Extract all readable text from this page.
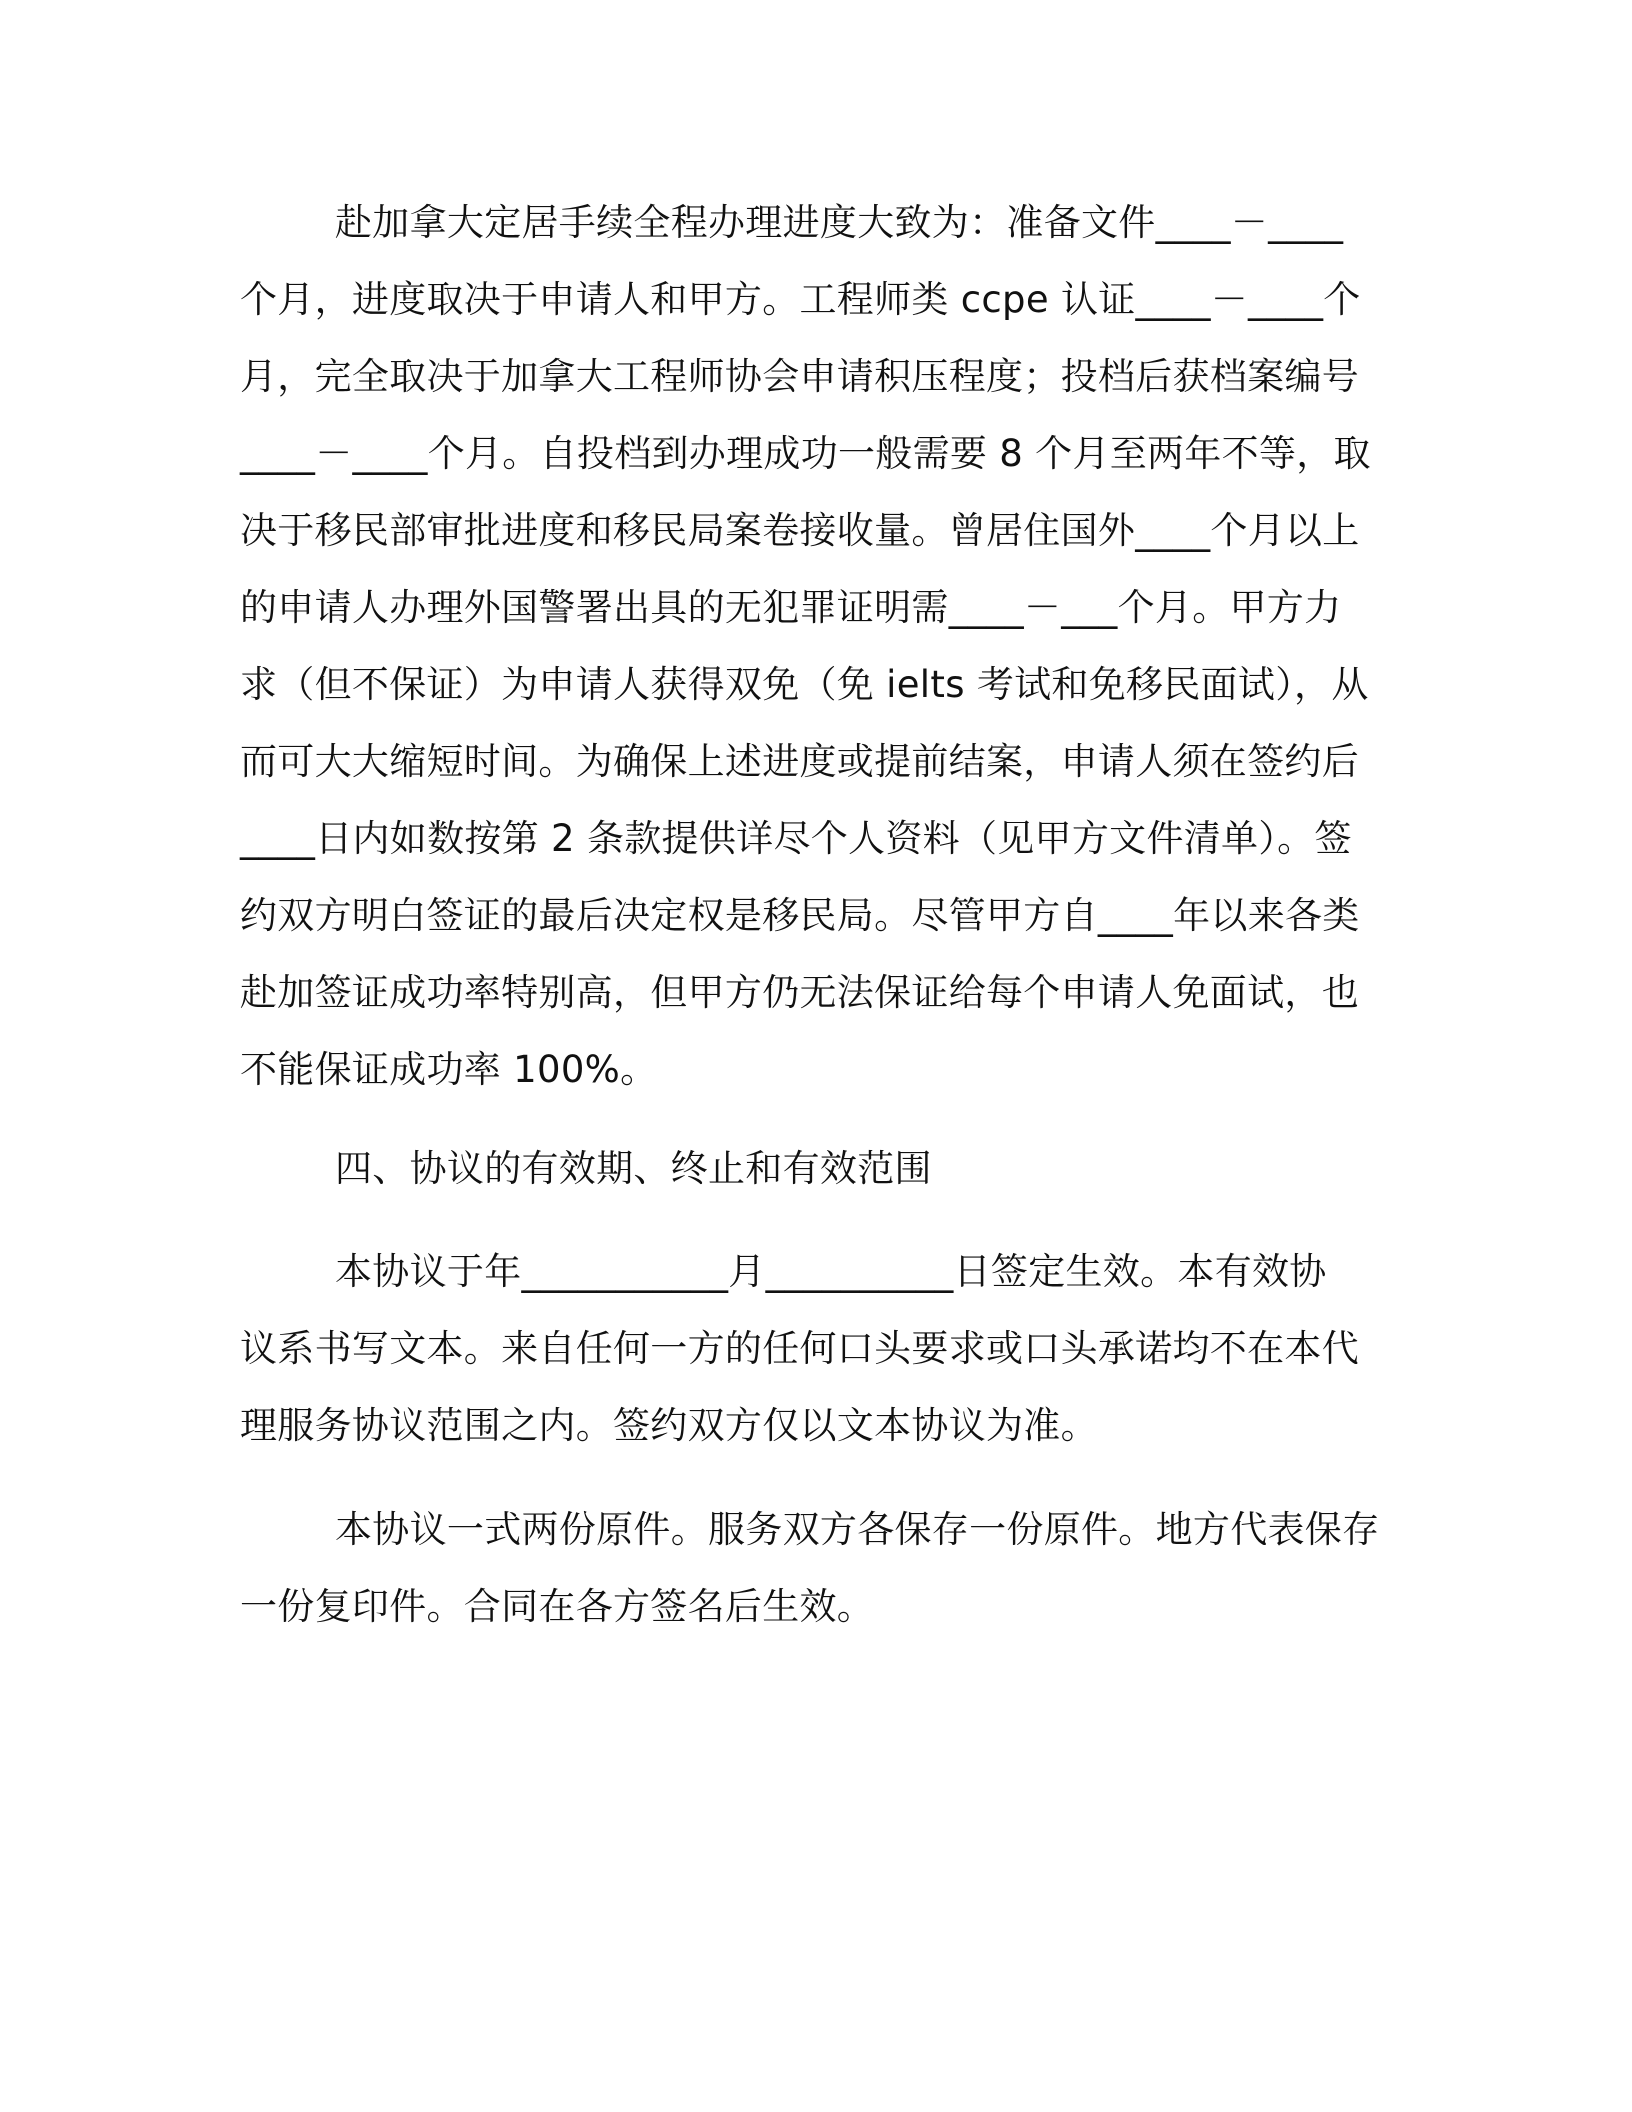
赴加拿大定居手续全程办理进度大致为：准备文件____－____
个月，进度取决于申请人和甲方。工程师类 ccpe 认证____－____个
月，完全取决于加拿大工程师协会申请积压程度；投档后获档案编号
____－____个月。自投档到办理成功一般需要 8 个月至两年不等，取
决于移民部审批进度和移民局案卷接收量。曾居住国外____个月以上
的申请人办理外国警署出具的无犯罪证明需____－___个月。甲方力
求（但不保证）为申请人获得双免（免 ielts 考试和免移民面试），从
而可大大缩短时间。为确保上述进度或提前结案，申请人须在签约后
____日内如数按第 2 条款提供详尽个人资料（见甲方文件清单）。签
约双方明白签证的最后决定权是移民局。尽管甲方自____年以来各类
赴加签证成功率特别高，但甲方仍无法保证给每个申请人免面试，也
不能保证成功率 100%。
四、协议的有效期、终止和有效范围
本协议于年___________月__________日签定生效。本有效协
议系书写文本。来自任何一方的任何口头要求或口头承诺均不在本代
理服务协议范围之内。签约双方仅以文本协议为准。
本协议一式两份原件。服务双方各保存一份原件。地方代表保存
一份复印件。合同在各方签名后生效。
